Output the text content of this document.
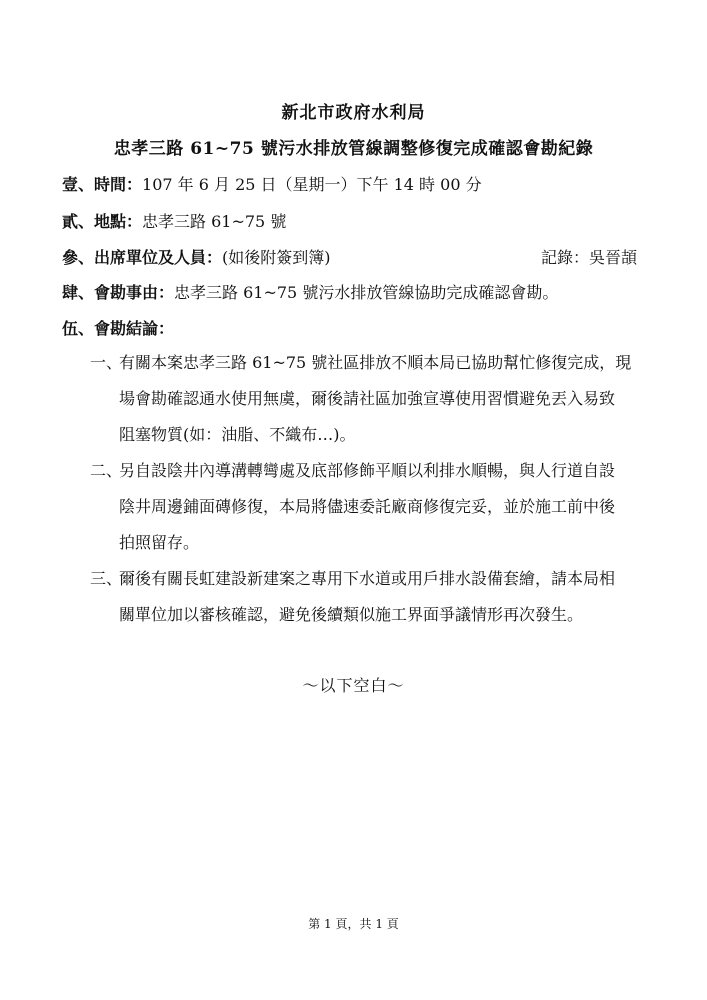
新北市政府水利局
忠孝三路 61~75 號污水排放管線調整修復完成確認會勘紀錄
壹、時間：107 年 6 月 25 日（星期一）下午 14 時 00 分
貳、地點：忠孝三路 61~75 號
參、出席單位及人員：(如後附簽到簿)	記錄：吳晉頡
肆、會勘事由：忠孝三路 61~75 號污水排放管線協助完成確認會勘。
伍、會勘結論：
一、
有關本案忠孝三路 61~75 號社區排放不順本局已協助幫忙修復完成，現
場會勘確認通水使用無虞，爾後請社區加強宣導使用習慣避免丟入易致
阻塞物質(如：油脂、不織布…)。
二、
另自設陰井內導溝轉彎處及底部修飾平順以利排水順暢，與人行道自設
陰井周邊鋪面磚修復，本局將儘速委託廠商修復完妥，並於施工前中後
拍照留存。
三、
爾後有關長虹建設新建案之專用下水道或用戶排水設備套繪，請本局相
關單位加以審核確認，避免後續類似施工界面爭議情形再次發生。
～以下空白～
第 1 頁，共 1 頁
